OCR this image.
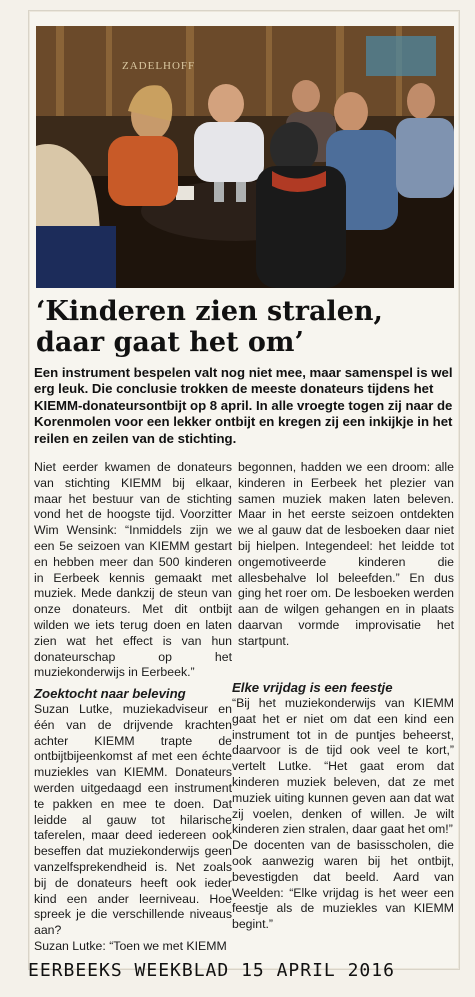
ZADELHOFF
‘Kinderen zien stralen, daar gaat het om’

Een instrument bespelen valt nog niet mee, maar samenspel is wel erg leuk. Die conclusie trokken de meeste donateurs tijdens het KIEMM-donateursontbijt op 8 april. In alle vroegte togen zij naar de Korenmolen voor een lekker ontbijt en kregen zij een inkijkje in het reilen en zeilen van de stichting.

Niet eerder kwamen de donateurs van stichting KIEMM bij elkaar, maar het bestuur van de stichting vond het de hoogste tijd. Voorzitter Wim Wensink: “Inmiddels zijn we een 5e seizoen van KIEMM gestart en hebben meer dan 500 kinderen in Eerbeek kennis gemaakt met muziek. Mede dankzij de steun van onze donateurs. Met dit ontbijt wilden we iets terug doen en laten zien wat het effect is van hun donateurschap op het muziekonderwijs in Eerbeek.”

begonnen, hadden we een droom: alle kinderen in Eerbeek het plezier van samen muziek maken laten beleven. Maar in het eerste seizoen ontdekten we al gauw dat de lesboeken daar niet bij hielpen. Integendeel: het leidde tot ongemotiveerde kinderen die allesbehalve lol beleefden.” En dus ging het roer om. De lesboeken werden aan de wilgen gehangen en in plaats daarvan vormde improvisatie het startpunt.

Zoektocht naar beleving

Suzan Lutke, muziekadviseur en één van de drijvende krachten achter KIEMM trapte de ontbijtbijeenkomst af met een échte muziekles van KIEMM. Donateurs werden uitgedaagd een instrument te pakken en mee te doen. Dat leidde al gauw tot hilarische taferelen, maar deed iedereen ook beseffen dat muziekonderwijs geen vanzelfsprekendheid is. Net zoals bij de donateurs heeft ook ieder kind een ander leerniveau. Hoe spreek je die verschillende niveaus aan?

Suzan Lutke: “Toen we met KIEMM

Elke vrijdag is een feestje

“Bij het muziekonderwijs van KIEMM gaat het er niet om dat een kind een instrument tot in de puntjes beheerst, daarvoor is de tijd ook veel te kort,” vertelt Lutke. “Het gaat erom dat kinderen muziek beleven, dat ze met muziek uiting kunnen geven aan dat wat zij voelen, denken of willen. Je wilt kinderen zien stralen, daar gaat het om!”

De docenten van de basisscholen, die ook aanwezig waren bij het ontbijt, bevestigden dat beeld. Aard van Weelden: “Elke vrijdag is het weer een feestje als de muziekles van KIEMM begint.”

EERBEEKS WEEKBLAD 15 APRIL 2016
